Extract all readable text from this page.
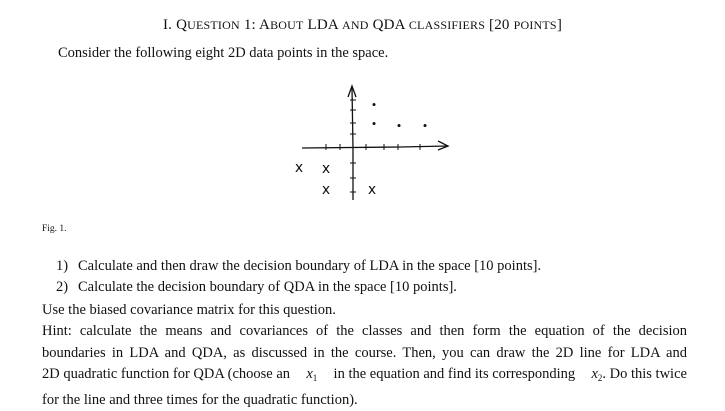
I. QUESTION 1: ABOUT LDA AND QDA CLASSIFIERS [20 POINTS]
Consider the following eight 2D data points in the space.
•
• • •
x x
x	x
Fig. 1.
1) Calculate and then draw the decision boundary of LDA in the space [10 points].
2) Calculate the decision boundary of QDA in the space [10 points].
Use the biased covariance matrix for this question.
Hint: calculate the means and covariances of the classes and then form the equation of the decision
boundaries in LDA and QDA, as discussed in the course. Then, you can draw the 2D line for LDA and
2D quadratic function for QDA (choose an $x_1$ in the equation and find its corresponding $x_2$. Do this twice
for the line and three times for the quadratic function).
